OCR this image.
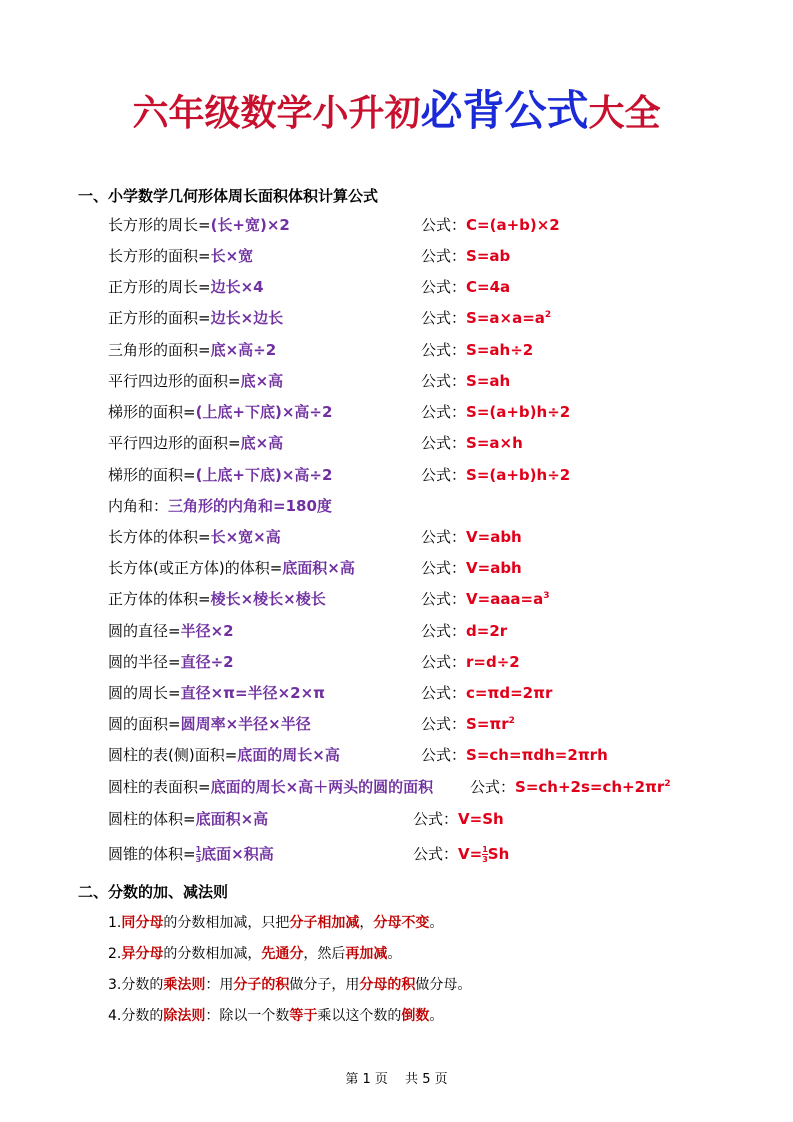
六年级数学小升初必背公式大全
一、小学数学几何形体周长面积体积计算公式
长方形的周长=(长+宽)×2	公式：C=(a+b)×2
长方形的面积=长×宽	公式：S=ab
正方形的周长=边长×4	公式：C=4a
正方形的面积=边长×边长	公式：$S=a\times a=a^2$
三角形的面积=底×高÷2	公式：S=ah÷2
平行四边形的面积=底×高	公式：S=ah
梯形的面积=(上底+下底)×高÷2	公式：S=(a+b)h÷2
平行四边形的面积=底×高	公式：S=a×h
梯形的面积=(上底+下底)×高÷2	公式：S=(a+b)h÷2
内角和：三角形的内角和=180度
长方体的体积=长×宽×高	公式：V=abh
长方体(或正方体)的体积=底面积×高	公式：V=abh
正方体的体积=棱长×棱长×棱长	公式：$V=aaa=a^3$
圆的直径=半径×2	公式：d=2r
圆的半径=直径÷2	公式：r=d÷2
圆的周长=直径×π=半径×2×π	公式：c=πd=2πr
圆的面积=圆周率×半径×半径	公式：$S=\pi r^2$
圆柱的表(侧)面积=底面的周长×高	公式：S=ch=πdh=2πrh
圆柱的表面积=底面的周长×高＋两头的圆的面积 公式：$S=ch+2s=ch+2\pi r^2$
圆柱的体积=底面积×高	公式：V=Sh
圆锥的体积= $\frac{1}{3}$ 底面×积高	公式：$V= \frac{1}{3}$ Sh
二、分数的加、减法则
1.同分母的分数相加减，只把分子相加减，分母不变。
2.异分母的分数相加减，先通分，然后再加减。
3.分数的乘法则：用分子的积做分子，用分母的积做分母。
4.分数的除法则：除以一个数等于乘以这个数的倒数。
第 1 页　 共 5 页
